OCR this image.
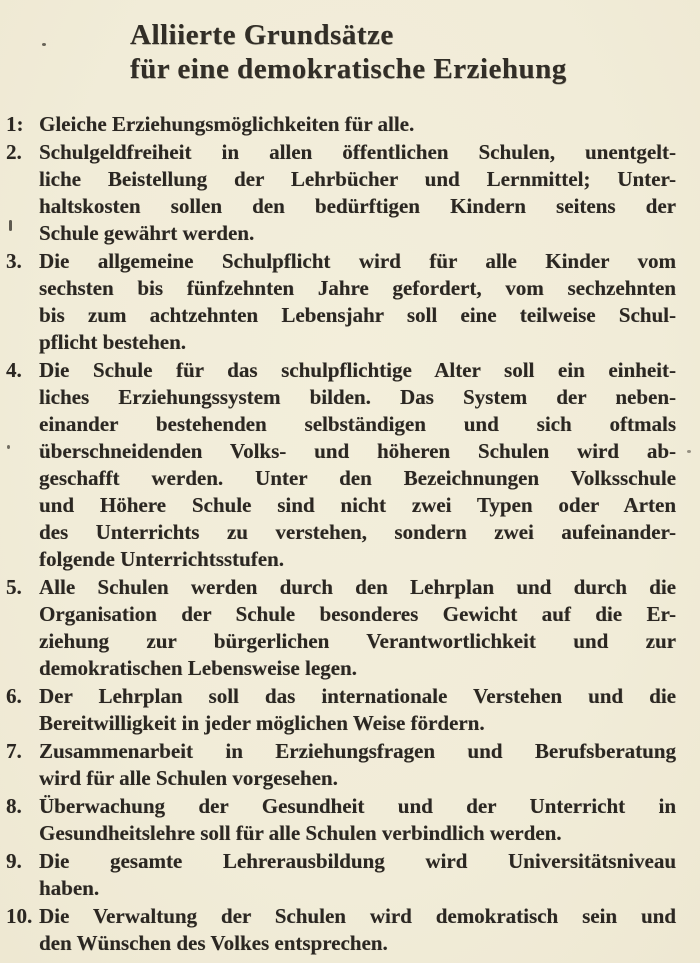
Alliierte Grundsätze
für eine demokratische Erziehung
1: Gleiche Erziehungsmöglichkeiten für alle.
2. Schulgeldfreiheit in allen öffentlichen Schulen, unentgelt-
liche Beistellung der Lehrbücher und Lernmittel; Unter-
haltskosten sollen den bedürftigen Kindern seitens der
Schule gewährt werden.
3. Die allgemeine Schulpflicht wird für alle Kinder vom
sechsten bis fünfzehnten Jahre gefordert, vom sechzehnten
bis zum achtzehnten Lebensjahr soll eine teilweise Schul-
pflicht bestehen.
4. Die Schule für das schulpflichtige Alter soll ein einheit-
liches Erziehungssystem bilden. Das System der neben-
einander bestehenden selbständigen und sich oftmals
überschneidenden Volks- und höheren Schulen wird ab-
geschafft werden. Unter den Bezeichnungen Volksschule
und Höhere Schule sind nicht zwei Typen oder Arten
des Unterrichts zu verstehen, sondern zwei aufeinander-
folgende Unterrichtsstufen.
5. Alle Schulen werden durch den Lehrplan und durch die
Organisation der Schule besonderes Gewicht auf die Er-
ziehung zur bürgerlichen Verantwortlichkeit und zur
demokratischen Lebensweise legen.
6. Der Lehrplan soll das internationale Verstehen und die
Bereitwilligkeit in jeder möglichen Weise fördern.
7. Zusammenarbeit in Erziehungsfragen und Berufsberatung
wird für alle Schulen vorgesehen.
8. Überwachung der Gesundheit und der Unterricht in
Gesundheitslehre soll für alle Schulen verbindlich werden.
9. Die gesamte Lehrerausbildung wird Universitätsniveau
haben.
10. Die Verwaltung der Schulen wird demokratisch sein und
den Wünschen des Volkes entsprechen.
